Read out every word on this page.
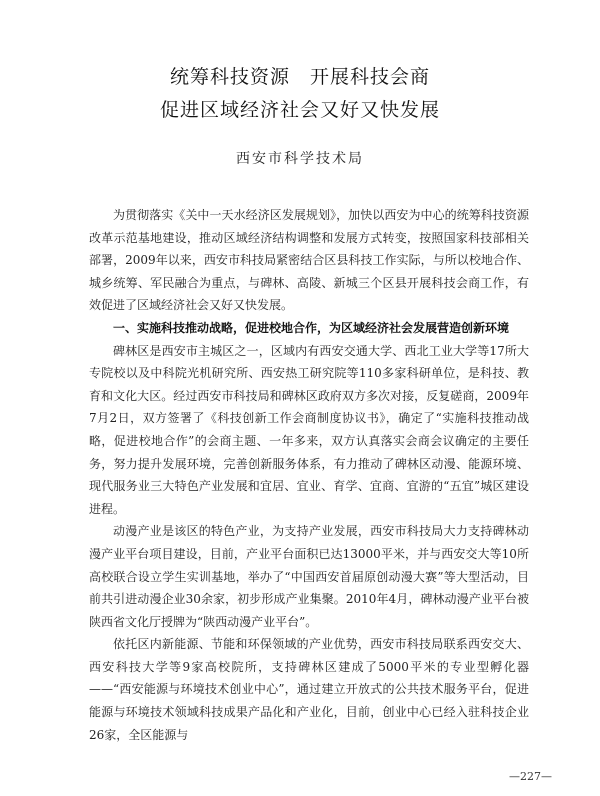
统筹科技资源　开展科技会商
促进区域经济社会又好又快发展
西安市科学技术局

为贯彻落实《关中一天水经济区发展规划》，加快以西安为中心的统筹科技资源改革示范基地建设，推动区域经济结构调整和发展方式转变，按照国家科技部相关部署，2009年以来，西安市科技局紧密结合区县科技工作实际，与所以校地合作、城乡统筹、军民融合为重点，与碑林、高陵、新城三个区县开展科技会商工作，有效促进了区域经济社会又好又快发展。

一、实施科技推动战略，促进校地合作，为区域经济社会发展营造创新环境

碑林区是西安市主城区之一，区域内有西安交通大学、西北工业大学等17所大专院校以及中科院光机研究所、西安热工研究院等110多家科研单位，是科技、教育和文化大区。经过西安市科技局和碑林区政府双方多次对接，反复磋商，2009年7月2日，双方签署了《科技创新工作会商制度协议书》，确定了“实施科技推动战略，促进校地合作”的会商主题、一年多来，双方认真落实会商会议确定的主要任务，努力提升发展环境，完善创新服务体系，有力推动了碑林区动漫、能源环境、现代服务业三大特色产业发展和宜居、宜业、育学、宜商、宜游的“五宜”城区建设进程。

动漫产业是该区的特色产业，为支持产业发展，西安市科技局大力支持碑林动漫产业平台项目建设，目前，产业平台面积已达13000平米，并与西安交大等10所高校联合设立学生实训基地，举办了“中国西安首届原创动漫大赛”等大型活动，目前共引进动漫企业30余家，初步形成产业集聚。2010年4月，碑林动漫产业平台被陕西省文化厅授牌为“陕西动漫产业平台”。

依托区内新能源、节能和环保领域的产业优势，西安市科技局联系西安交大、西安科技大学等9家高校院所，支持碑林区建成了5000平米的专业型孵化器——“西安能源与环境技术创业中心”，通过建立开放式的公共技术服务平台，促进能源与环境技术领域科技成果产品化和产业化，目前，创业中心已经入驻科技企业26家，全区能源与

—227—
